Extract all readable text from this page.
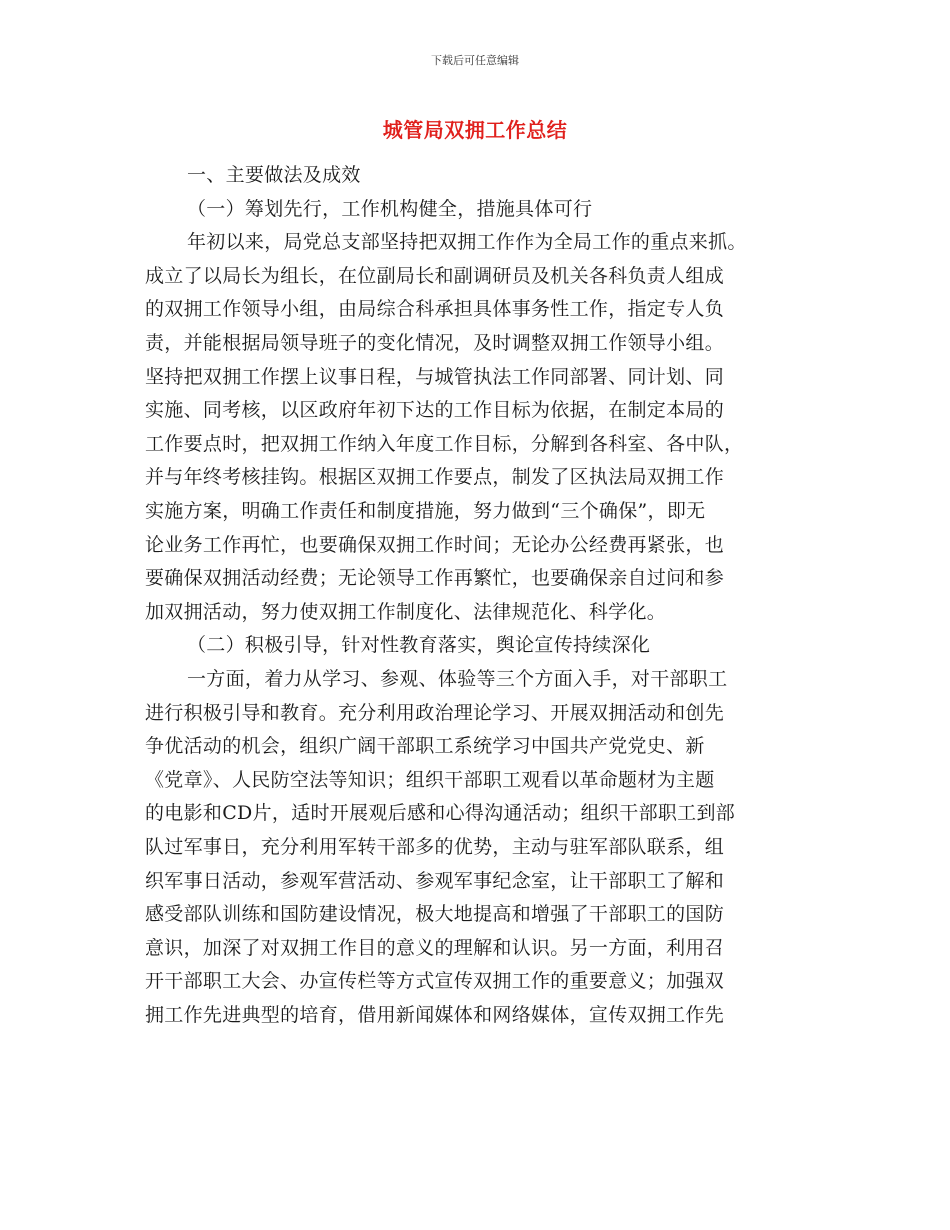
下载后可任意编辑
城管局双拥工作总结
一、主要做法及成效
（一）筹划先行，工作机构健全，措施具体可行
年初以来，局党总支部坚持把双拥工作作为全局工作的重点来抓。
成立了以局长为组长，在位副局长和副调研员及机关各科负责人组成
的双拥工作领导小组，由局综合科承担具体事务性工作，指定专人负
责，并能根据局领导班子的变化情况，及时调整双拥工作领导小组。
坚持把双拥工作摆上议事日程，与城管执法工作同部署、同计划、同
实施、同考核，以区政府年初下达的工作目标为依据，在制定本局的
工作要点时，把双拥工作纳入年度工作目标，分解到各科室、各中队，
并与年终考核挂钩。根据区双拥工作要点，制发了区执法局双拥工作
实施方案，明确工作责任和制度措施，努力做到“三个确保”，即无
论业务工作再忙，也要确保双拥工作时间；无论办公经费再紧张，也
要确保双拥活动经费；无论领导工作再繁忙，也要确保亲自过问和参
加双拥活动，努力使双拥工作制度化、法律规范化、科学化。
（二）积极引导，针对性教育落实，舆论宣传持续深化
一方面，着力从学习、参观、体验等三个方面入手，对干部职工
进行积极引导和教育。充分利用政治理论学习、开展双拥活动和创先
争优活动的机会，组织广阔干部职工系统学习中国共产党党史、新
《党章》、人民防空法等知识；组织干部职工观看以革命题材为主题
的电影和CD片，适时开展观后感和心得沟通活动；组织干部职工到部
队过军事日，充分利用军转干部多的优势，主动与驻军部队联系，组
织军事日活动，参观军营活动、参观军事纪念室，让干部职工了解和
感受部队训练和国防建设情况，极大地提高和增强了干部职工的国防
意识，加深了对双拥工作目的意义的理解和认识。另一方面，利用召
开干部职工大会、办宣传栏等方式宣传双拥工作的重要意义；加强双
拥工作先进典型的培育，借用新闻媒体和网络媒体，宣传双拥工作先
